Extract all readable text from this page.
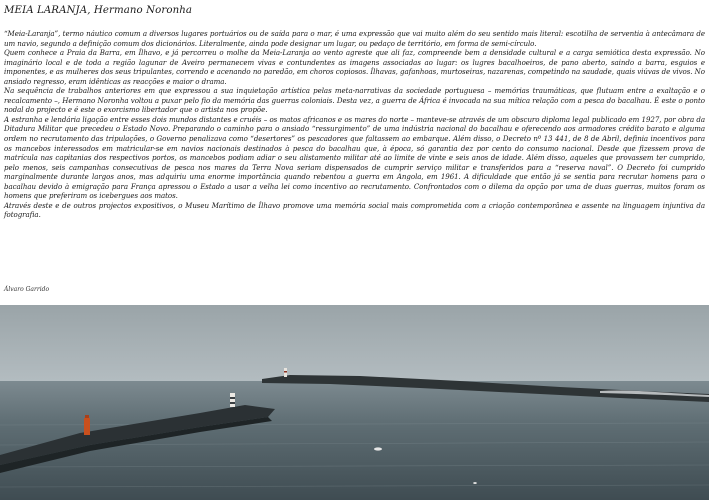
MEIA LARANJA, Hermano Noronha

“Meia-Laranja”, termo náutico comum a diversos lugares portuários ou de saída para o mar, é uma expressão que vai muito além do seu sentido mais literal: escotilha de serventia à antecâmara de um navio, segundo a definição comum dos dicionários. Literalmente, ainda pode designar um lugar, ou pedaço de território, em forma de semi-círculo.

Quem conhece a Praia da Barra, em Ílhavo, e já percorreu o molhe da Meia-Laranja ao vento agreste que ali faz, compreende bem a densidade cultural e a carga semiótica desta expressão. No imaginário local e de toda a região lagunar de Aveiro permanecem vivas e contundentes as imagens associadas ao lugar: os lugres bacalhoeiros, de pano aberto, saindo a barra, esguios e imponentes, e as mulheres dos seus tripulantes, correndo e acenando no paredão, em choros copiosos. Ílhavas, gafanhoas, murtoseiras, nazarenas, competindo na saudade, quais viúvas de vivos. No ansiado regresso, eram idênticas as reacções e maior o drama.

Na sequência de trabalhos anteriores em que expressou a sua inquietação artística pelas meta-narrativas da sociedade portuguesa – memórias traumáticas, que flutuam entre a exaltação e o recalcamento –, Hermano Noronha voltou a puxar pelo fio da memória das guerras coloniais. Desta vez, a guerra de África é invocada na sua mítica relação com a pesca do bacalhau. É este o ponto nodal do projecto e é este o exorcismo libertador que o artista nos propõe.

A estranha e lendária ligação entre esses dois mundos distantes e cruéis – os matos africanos e os mares do norte – manteve-se através de um obscuro diploma legal publicado em 1927, por obra da Ditadura Militar que precedeu o Estado Novo. Preparando o caminho para o ansiado “ressurgimento” de uma indústria nacional do bacalhau e oferecendo aos armadores crédito barato e alguma ordem no recrutamento das tripulações, o Governo penalizava como “desertores” os pescadores que faltassem ao embarque. Além disso, o Decreto nº 13 441, de 8 de Abril, definia incentivos para os mancebos interessados em matricular-se em navios nacionais destinados à pesca do bacalhau que, à época, só garantia dez por cento do consumo nacional. Desde que fizessem prova de matrícula nas capitanias dos respectivos portos, os mancebos podiam adiar o seu alistamento militar até ao limite de vinte e seis anos de idade. Além disso, aqueles que provassem ter cumprido, pelo menos, seis campanhas consecutivas de pesca nos mares da Terra Nova seriam dispensados de cumprir serviço militar e transferidos para a “reserva naval”. O Decreto foi cumprido marginalmente durante largos anos, mas adquiriu uma enorme importância quando rebentou a guerra em Angola, em 1961. A dificuldade que então já se sentia para recrutar homens para o bacalhau devido à emigração para França apressou o Estado a usar a velha lei como incentivo ao recrutamento. Confrontados com o dilema da opção por uma de duas guerras, muitos foram os homens que preferiram os icebergues aos matos.

Através deste e de outros projectos expositivos, o Museu Marítimo de Ílhavo promove uma memória social mais comprometida com a criação contemporânea e assente na linguagem injuntiva da fotografia.

Álvaro Garrido
